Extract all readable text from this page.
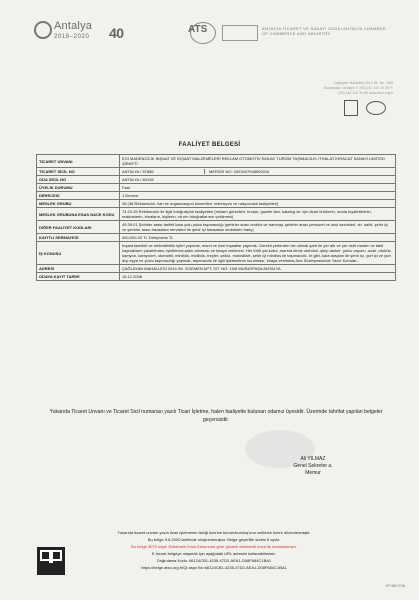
Antalya
2018–2020 40	ATS	ANTALYA TİCARET VE SANAYİ ODASI ANTALYA CHAMBER OF COMMERCE AND INDUSTRY
Çağlayan Mahallesi 2014 Sk. No: 18/8 Muratpaşa / Antalya T: (90) 242 310 10 00 F: (90) 242 310 10 66 www.atso.org.tr
FAALİYET BELGESİ
TİCARET UNVANI	EGİ MADENCİLİK İNŞAAT VE İNŞAAT MALZEMELERİ REKLAM OTOMOTİV EMLAK TURİZM TAŞIMACILIK İTHALAT İHRACAT SANAYİ LİMİTED ŞİRKETİ
TİCARET SİCİL NO	ANTALYA / 57886 MERSİS NO: 0323047948900010

ODA SİCİL NO	ANTALYA / 60145
ÜYELİK DURUMU	Faal
DERECESİ	1.Derece
MESLEK GRUBU	38 (38.Reklamcılık, ilan ve organizasyon hizmetleri, televizyon ve radyoculuk faaliyetleri)
MESLEK GRUBUNA ESAS NACE KODU	74.20.26 Reklamcılık ile ilgili fotoğrafçılık faaliyetleri (reklam görselleri, broşür, gazete ilan, katalog vb. için ticari ürünlerin, moda kıyafetlerinin, makinelerin, binaların, kişilerin, vb.nin fotoğraflarının çekilmesi)
DİĞER FAALİYET KODLARI	49.39.01 Şehirler arası tarifeli kara yolu yolcu taşımacılığı (şehirler arası otobüs ve tramvay, şehirler arası personel ve okul servisleri, vb. dahil, şehir içi ve şehirler arası havaalanı servisleri ile şehir içi havaalanı otobüsleri hariç)
KAYITLI SERMAYESİ	400,000.00 TL Dörtyüzbin TL
İŞ KONUSU	İnşaat taahhüt ve müteahhitlik işleri yapmak, resmi ve özel inşaatlar yapmak. Gerekli yerlerden izin almak şartı ile yer altı ve yer üstü maden ve tabii kaynakların çıkartılması, işletilmesi,satın alınması ve kiraya verilmesi. Her türlü yat,kotra ,marina deniz otobüsü ,şilep tanker ,yolcu vapuru ,ucak ,otobüs, kamyon, kamyonet, otomobil, minibüs, midibüs, treyler, çekici, motosiklet, şehir içi minibüs ile taşımacılık, tır gibi, kara araçları ile şehir içi, yurt içi ve yurt dışı eşya ve yolcu taşımacılığı yapmak, taşımacılık ile ilgili işletmelerin kurulması, kiraya verilmesi,Ana Sözleşmesinde Yazılı Konular...
ADRESİ	ÇAĞLAYAN MAHALLESİ 2014 SK. EGEMEN APT. SIT. NO: 19/8 MURATPAŞA ANTALYA
ODAYA KAYIT TARİHİ	16.12.2008
Yukarıda Ticaret Unvanı ve Ticaret Sicil numarası yazılı Ticari İşletme, halen faaliyette bulunan odamız üyesidir. Üzerinde tahrifat yapılan belgeler geçersizdir.
Ali YILMAZ
Genel Sekreter a.
Memur
Yukarıda ticaret unvanı yazılı ticari işletmenin isteği üzerine kurum/kuruluş'una verilmek üzere düzenlenmiştir.
Bu belge 9.6.2020 tarihinde oluşturulmuştur. Belge geçerlilik süresi 6 aydır.
Bu belge 5070 sayılı Elektronik İmza Kanununa göre güvenli elektronik imza ile imzalanmıştır.
E-İmzalı belgeye ulaşmak için aşağıdaki URL adresini kullanabilirsiniz.
Doğrulama Kodu: 66124CB1-4235-47D2-AEA1-D08F684C1BA1
https://belge.atso.org.tr/Qr.aspx?id=66124CB1-4235-47D2-AEA1-D08F684C1BA1
KF.980.F08
